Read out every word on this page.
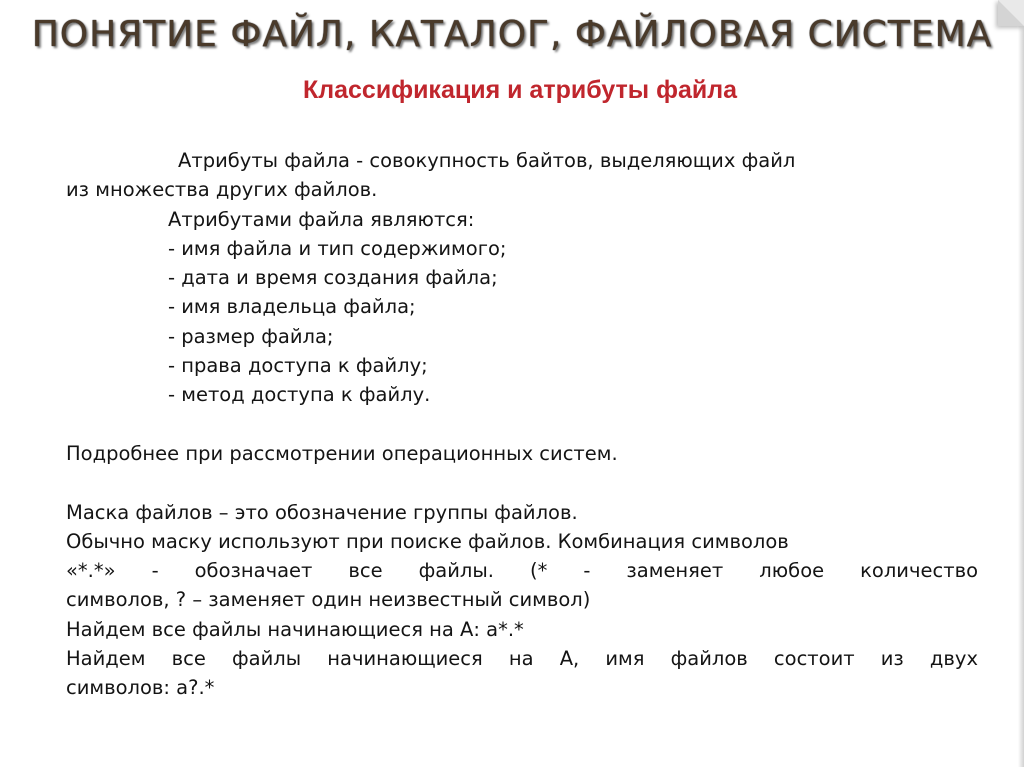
ПОНЯТИЕ ФАЙЛ, КАТАЛОГ, ФАЙЛОВАЯ СИСТЕМА
Классификация и атрибуты файла

Атрибуты файла - совокупность байтов, выделяющих файл

из множества других файлов.

Атрибутами файла являются:

- имя файла и тип содержимого;

- дата и время создания файла;

- имя владельца файла;

- размер файла;

- права доступа к файлу;

- метод доступа к файлу.

Подробнее при рассмотрении операционных систем.

Маска файлов – это обозначение группы файлов.

Обычно маску используют при поиске файлов. Комбинация символов

«*.*» - обозначает все файлы. (* - заменяет любое количество

символов, ? – заменяет один неизвестный символ)

Найдем все файлы начинающиеся на А: а*.*

Найдем все файлы начинающиеся на А, имя файлов состоит из двух

символов: а?.*
